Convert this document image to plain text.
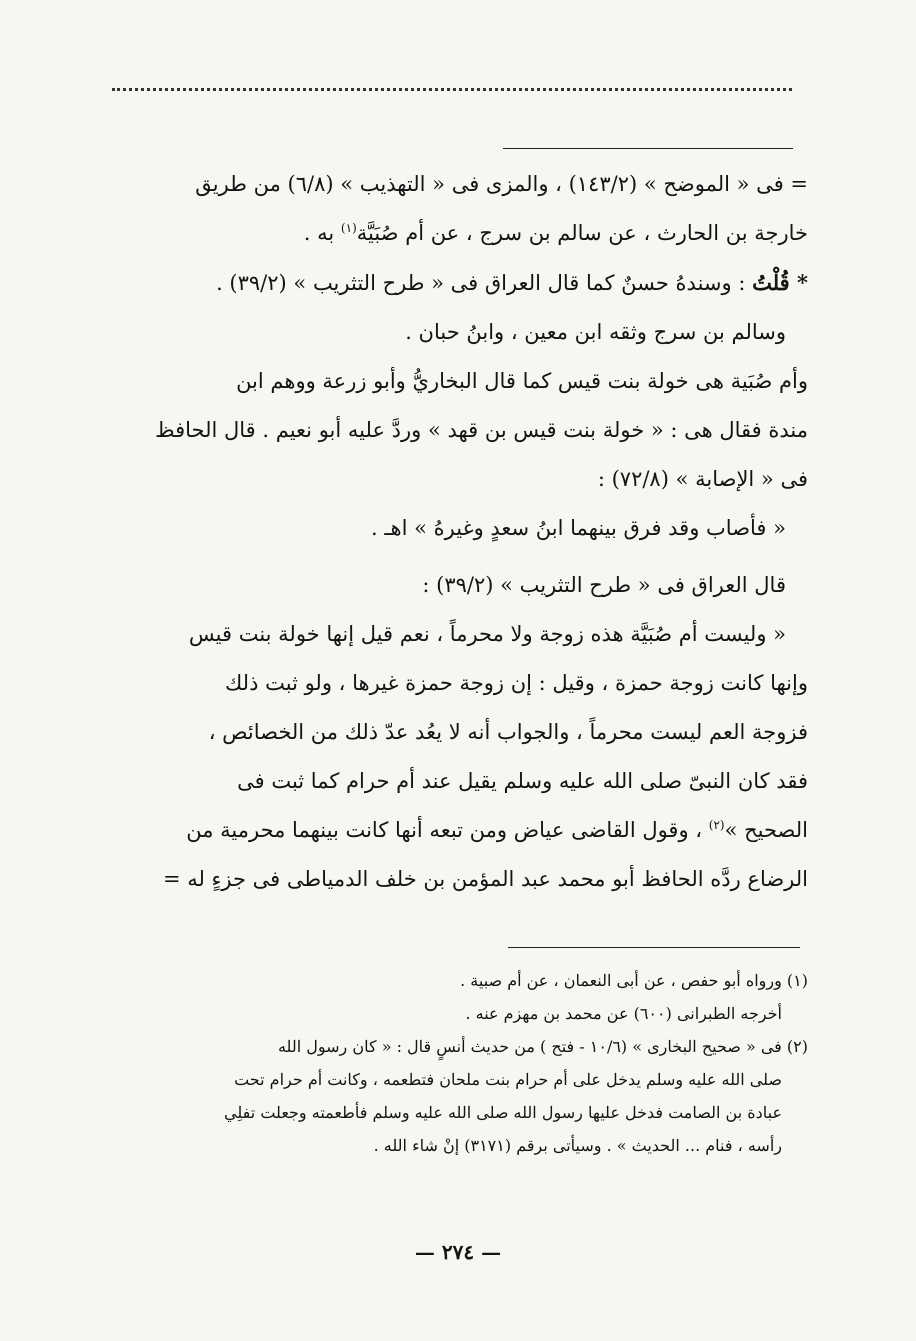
= فى « الموضح » (١٤٣/٢) ، والمزى فى « التهذيب » (٦/٨) من طريق

خارجة بن الحارث ، عن سالم بن سرج ، عن أم صُبَيَّة$^{(١)}$ به .

* قُلْتُ : وسندهُ حسنٌ كما قال العراق فى « طرح التثريب » (٣٩/٢) .

وسالم بن سرج وثقه ابن معين ، وابنُ حبان .

وأم صُبَية هى خولة بنت قيس كما قال البخاريُّ وأبو زرعة ووهم ابن

مندة فقال هى : « خولة بنت قيس بن قهد » وردَّ عليه أبو نعيم . قال الحافظ

فى « الإصابة » (٧٢/٨) :

« فأصاب وقد فرق بينهما ابنُ سعدٍ وغيرهُ » اهـ .

قال العراق فى « طرح التثريب » (٣٩/٢) :

« وليست أم صُبَيَّة هذه زوجة ولا محرماً ، نعم قيل إنها خولة بنت قيس

وإنها كانت زوجة حمزة ، وقيل : إن زوجة حمزة غيرها ، ولو ثبت ذلك

فزوجة العم ليست محرماً ، والجواب أنه لا يعُد عدّ ذلك من الخصائص ،

فقد كان النبىّ صلى الله عليه وسلم يقيل عند أم حرام كما ثبت فى

الصحيح »$^{(٢)}$ ، وقول القاضى عياض ومن تبعه أنها كانت بينهما محرمية من

الرضاع ردَّه الحافظ أبو محمد عبد المؤمن بن خلف الدمياطى فى جزءٍ له =

(١) ورواه أبو حفص ، عن أبى النعمان ، عن أم صبية .

أخرجه الطبرانى (٦٠٠) عن محمد بن مهزم عنه .

(٢) فى « صحيح البخارى » (١٠/٦ - فتح ) من حديث أنسٍ قال : « كان رسول الله

صلى الله عليه وسلم يدخل على أم حرام بنت ملحان فتطعمه ، وكانت أم حرام تحت

عبادة بن الصامت فدخل عليها رسول الله صلى الله عليه وسلم فأطعمته وجعلت تفلِي

رأسه ، فنام ... الحديث » . وسيأتى برقم (٣١٧١) إنْ شاء الله .

— ٢٧٤ —
